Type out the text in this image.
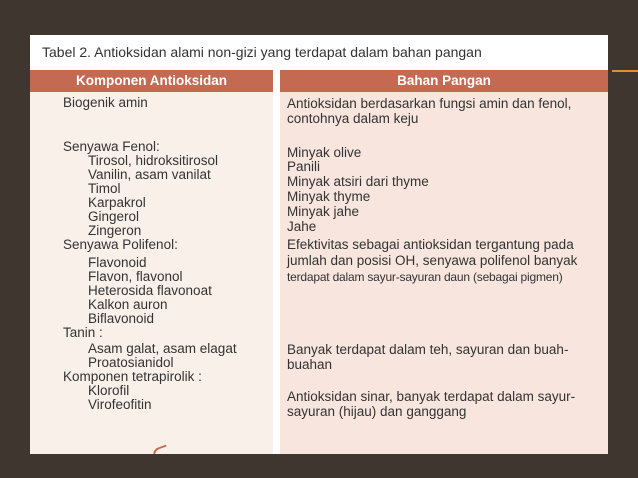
Tabel 2. Antioksidan alami non-gizi yang terdapat dalam bahan pangan
Komponen Antioksidan	Bahan Pangan
Biogenik amin
Senyawa Fenol:
Tirosol, hidroksitirosol
Vanilin, asam vanilat
Timol
Karpakrol
Gingerol
Zingeron
Senyawa Polifenol:
Flavonoid
Flavon, flavonol
Heterosida flavonoat
Kalkon auron
Biflavonoid
Tanin :
Asam galat, asam elagat
Proatosianidol
Komponen tetrapirolik :
Klorofil
Virofeofitin
Antioksidan berdasarkan fungsi amin dan fenol,
contohnya dalam keju
Minyak olive
Panili
Minyak atsiri dari thyme
Minyak thyme
Minyak jahe
Jahe
Efektivitas sebagai antioksidan tergantung pada
jumlah dan posisi OH, senyawa polifenol banyak
terdapat dalam sayur-sayuran daun (sebagai pigmen)
Banyak terdapat dalam teh, sayuran dan buah-
buahan
Antioksidan sinar, banyak terdapat dalam sayur-
sayuran (hijau) dan ganggang
